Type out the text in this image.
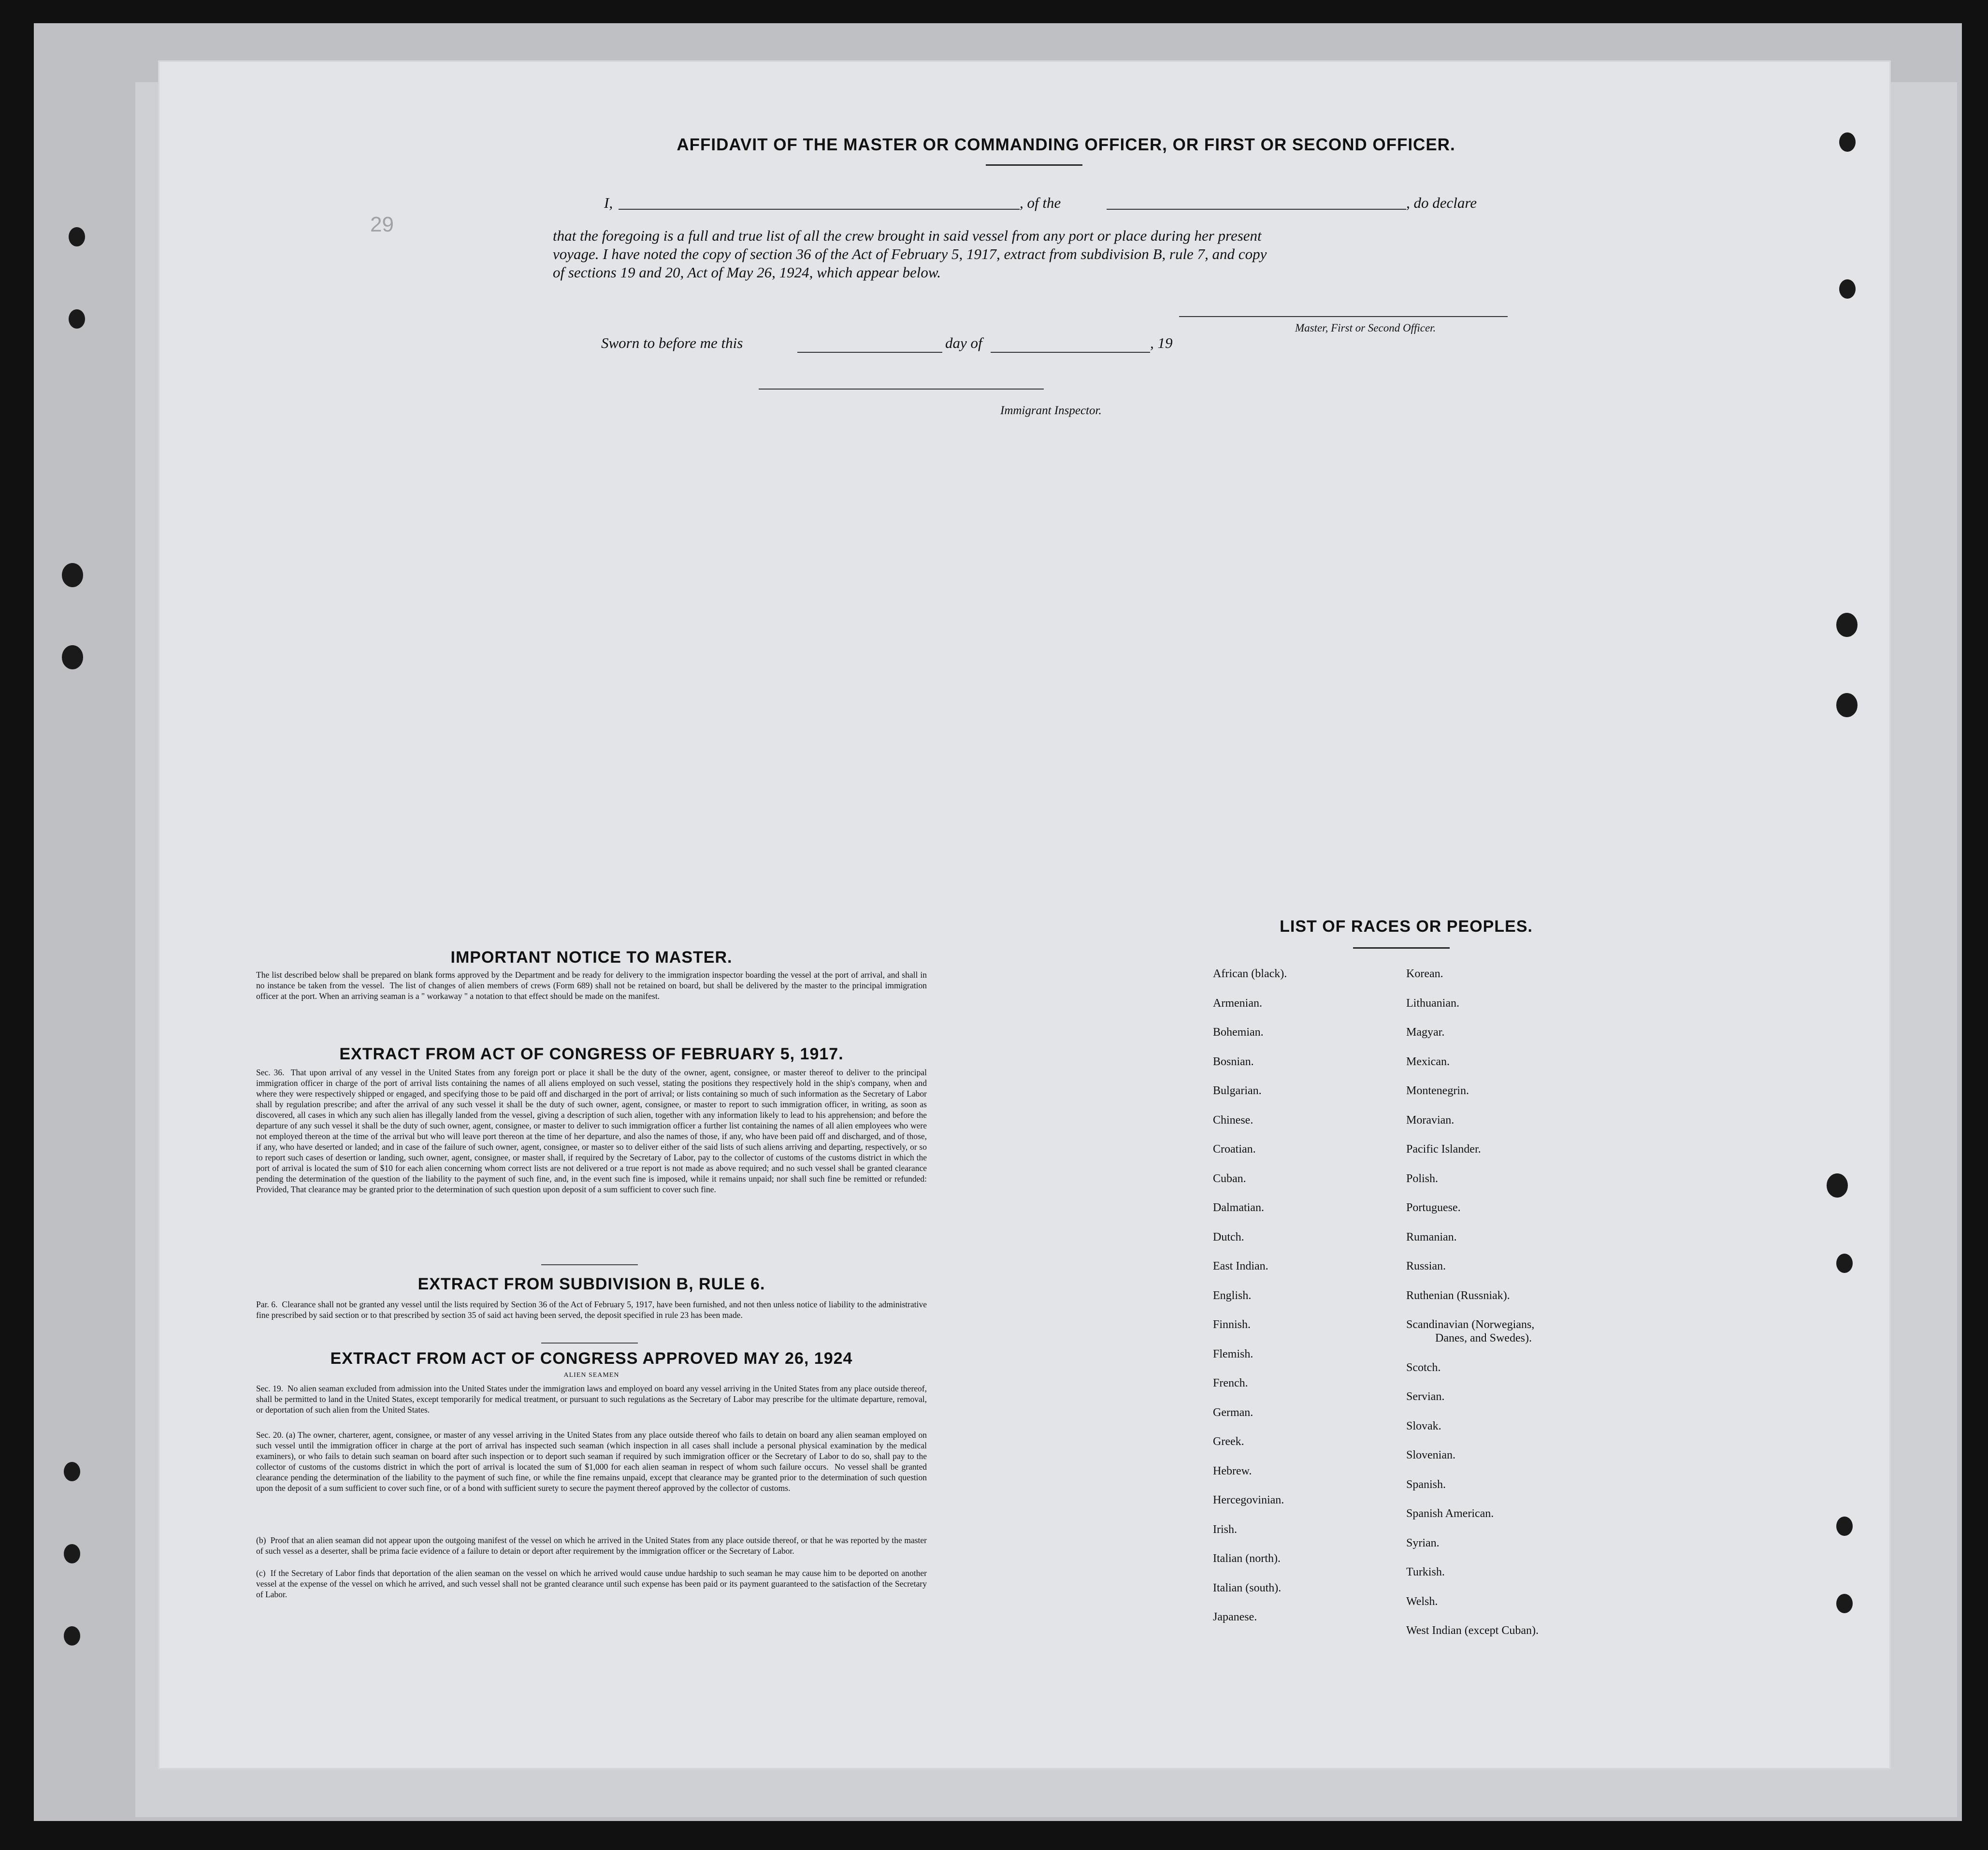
29
AFFIDAVIT OF THE MASTER OR COMMANDING OFFICER, OR FIRST OR SECOND OFFICER.
I,	, of the	, do declare
that the foregoing is a full and true list of all the crew brought in said vessel from any port or place during her present
voyage. I have noted the copy of section 36 of the Act of February 5, 1917, extract from subdivision B, rule 7, and copy
of sections 19 and 20, Act of May 26, 1924, which appear below.
Master, First or Second Officer.
Sworn to before me this	day of	, 19
Immigrant Inspector.
IMPORTANT NOTICE TO MASTER.
The list described below shall be prepared on blank forms approved by the Department and be ready for delivery to the immigration inspector boarding the vessel at the port of arrival, and shall in no instance be taken from the vessel.  The list of changes of alien members of crews (Form 689) shall not be retained on board, but shall be delivered by the master to the principal immigration officer at the port. When an arriving seaman is a " workaway " a notation to that effect should be made on the manifest.
EXTRACT FROM ACT OF CONGRESS OF FEBRUARY 5, 1917.
Sec. 36.  That upon arrival of any vessel in the United States from any foreign port or place it shall be the duty of the owner, agent, consignee, or master thereof to deliver to the principal immigration officer in charge of the port of arrival lists containing the names of all aliens employed on such vessel, stating the positions they respectively hold in the ship's company, when and where they were respectively shipped or engaged, and specifying those to be paid off and discharged in the port of arrival; or lists containing so much of such information as the Secretary of Labor shall by regulation prescribe; and after the arrival of any such vessel it shall be the duty of such owner, agent, consignee, or master to report to such immigration officer, in writing, as soon as discovered, all cases in which any such alien has illegally landed from the vessel, giving a description of such alien, together with any information likely to lead to his apprehension; and before the departure of any such vessel it shall be the duty of such owner, agent, consignee, or master to deliver to such immigration officer a further list containing the names of all alien employees who were not employed thereon at the time of the arrival but who will leave port thereon at the time of her departure, and also the names of those, if any, who have been paid off and discharged, and of those, if any, who have deserted or landed; and in case of the failure of such owner, agent, consignee, or master so to deliver either of the said lists of such aliens arriving and departing, respectively, or so to report such cases of desertion or landing, such owner, agent, consignee, or master shall, if required by the Secretary of Labor, pay to the collector of customs of the customs district in which the port of arrival is located the sum of $10 for each alien concerning whom correct lists are not delivered or a true report is not made as above required; and no such vessel shall be granted clearance pending the determination of the question of the liability to the payment of such fine, and, in the event such fine is imposed, while it remains unpaid; nor shall such fine be remitted or refunded: Provided, That clearance may be granted prior to the determination of such question upon deposit of a sum sufficient to cover such fine.
EXTRACT FROM SUBDIVISION B, RULE 6.
Par. 6.  Clearance shall not be granted any vessel until the lists required by Section 36 of the Act of February 5, 1917, have been furnished, and not then unless notice of liability to the administrative fine prescribed by said section or to that prescribed by section 35 of said act having been served, the deposit specified in rule 23 has been made.
EXTRACT FROM ACT OF CONGRESS APPROVED MAY 26, 1924
ALIEN SEAMEN
Sec. 19.  No alien seaman excluded from admission into the United States under the immigration laws and employed on board any vessel arriving in the United States from any place outside thereof, shall be permitted to land in the United States, except temporarily for medical treatment, or pursuant to such regulations as the Secretary of Labor may prescribe for the ultimate departure, removal, or deportation of such alien from the United States.
Sec. 20. (a) The owner, charterer, agent, consignee, or master of any vessel arriving in the United States from any place outside thereof who fails to detain on board any alien seaman employed on such vessel until the immigration officer in charge at the port of arrival has inspected such seaman (which inspection in all cases shall include a personal physical examination by the medical examiners), or who fails to detain such seaman on board after such inspection or to deport such seaman if required by such immigration officer or the Secretary of Labor to do so, shall pay to the collector of customs of the customs district in which the port of arrival is located the sum of $1,000 for each alien seaman in respect of whom such failure occurs.  No vessel shall be granted clearance pending the determination of the liability to the payment of such fine, or while the fine remains unpaid, except that clearance may be granted prior to the determination of such question upon the deposit of a sum sufficient to cover such fine, or of a bond with sufficient surety to secure the payment thereof approved by the collector of customs.
(b)  Proof that an alien seaman did not appear upon the outgoing manifest of the vessel on which he arrived in the United States from any place outside thereof, or that he was reported by the master of such vessel as a deserter, shall be prima facie evidence of a failure to detain or deport after requirement by the immigration officer or the Secretary of Labor.
(c)  If the Secretary of Labor finds that deportation of the alien seaman on the vessel on which he arrived would cause undue hardship to such seaman he may cause him to be deported on another vessel at the expense of the vessel on which he arrived, and such vessel shall not be granted clearance until such expense has been paid or its payment guaranteed to the satisfaction of the Secretary of Labor.
LIST OF RACES OR PEOPLES.
African (black).
Armenian.
Bohemian.
Bosnian.
Bulgarian.
Chinese.
Croatian.
Cuban.
Dalmatian.
Dutch.
East Indian.
English.
Finnish.
Flemish.
French.
German.
Greek.
Hebrew.
Hercegovinian.
Irish.
Italian (north).
Italian (south).
Japanese.
Korean.
Lithuanian.
Magyar.
Mexican.
Montenegrin.
Moravian.
Pacific Islander.
Polish.
Portuguese.
Rumanian.
Russian.
Ruthenian (Russniak).
Scandinavian (Norwegians,
Danes, and Swedes).
Scotch.
Servian.
Slovak.
Slovenian.
Spanish.
Spanish American.
Syrian.
Turkish.
Welsh.
West Indian (except Cuban).
